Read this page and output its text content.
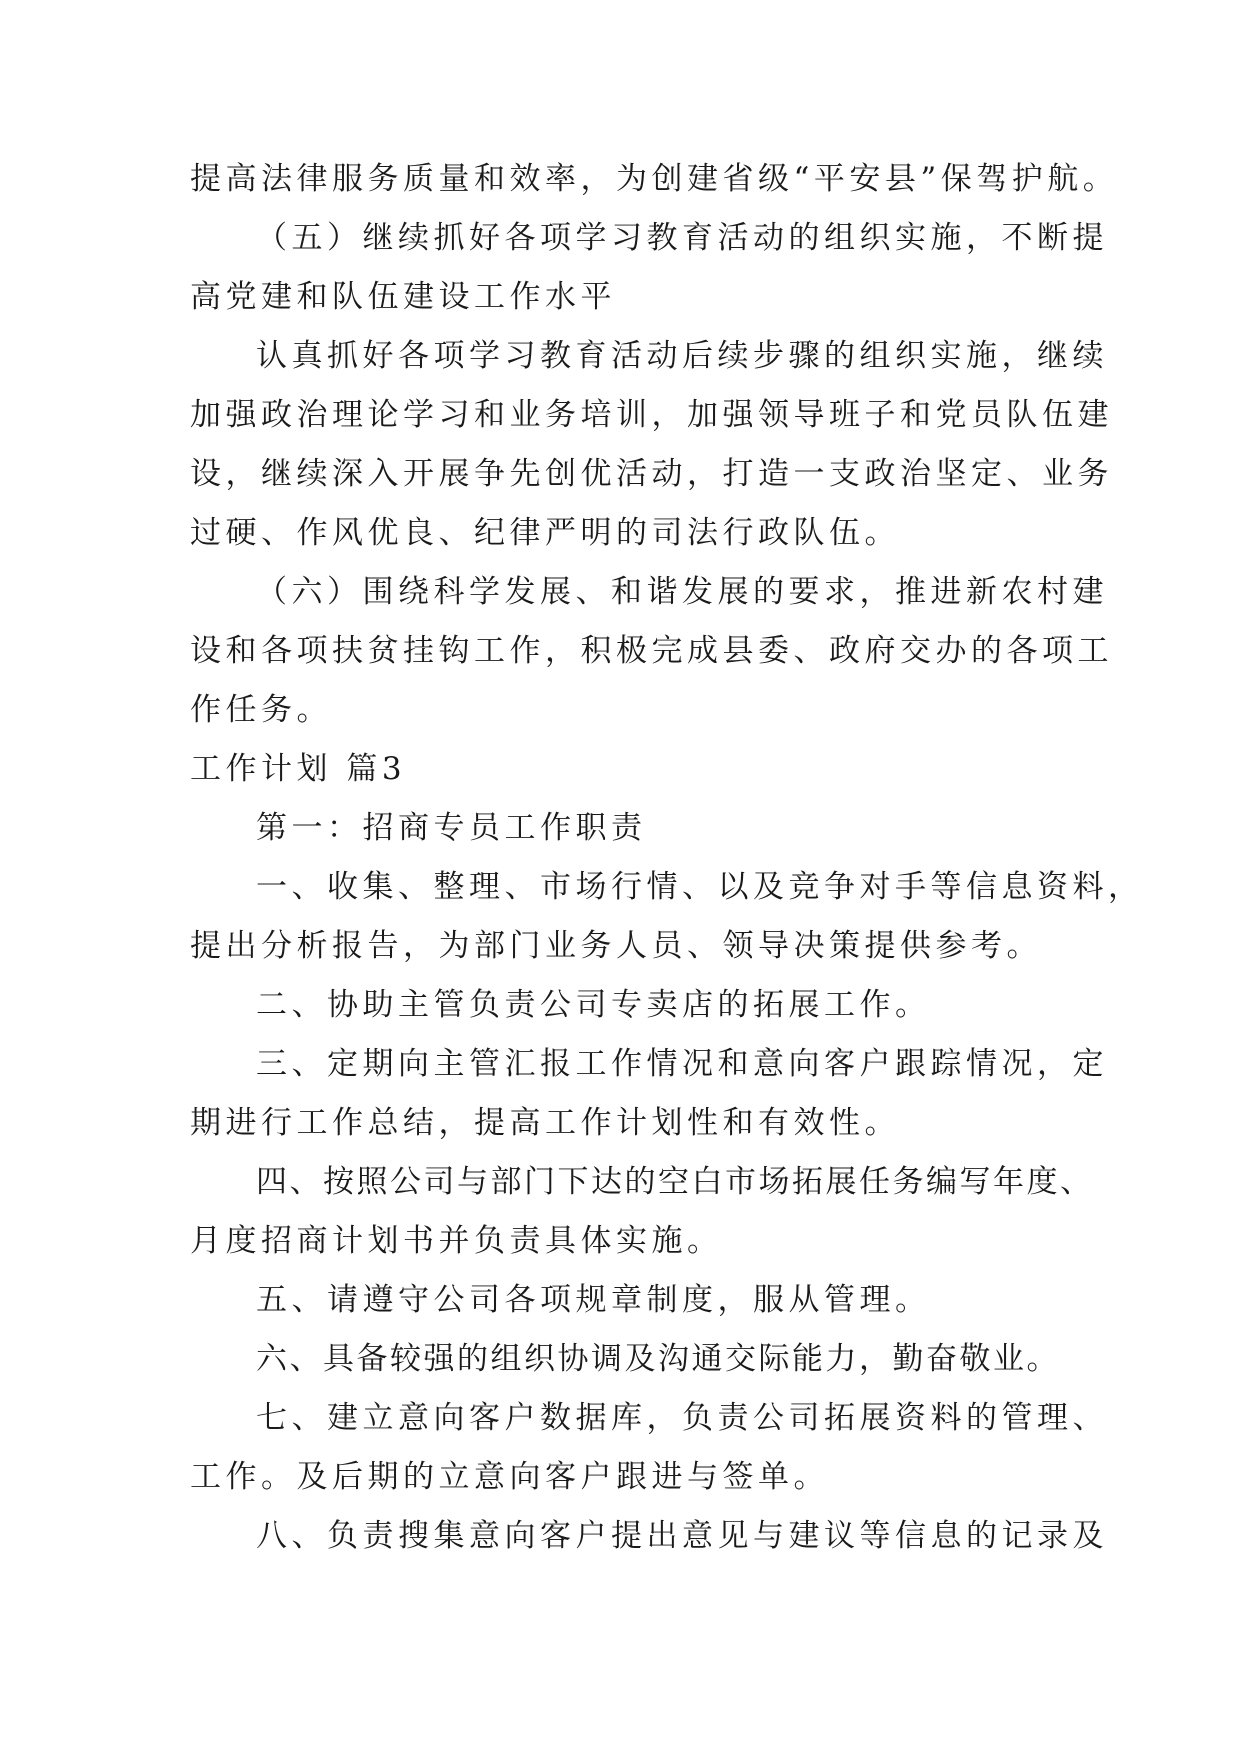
提高法律服务质量和效率，为创建省级“平安县”保驾护航。
（五）继续抓好各项学习教育活动的组织实施，不断提
高党建和队伍建设工作水平
认真抓好各项学习教育活动后续步骤的组织实施，继续
加强政治理论学习和业务培训，加强领导班子和党员队伍建
设，继续深入开展争先创优活动，打造一支政治坚定、业务
过硬、作风优良、纪律严明的司法行政队伍。
（六）围绕科学发展、和谐发展的要求，推进新农村建
设和各项扶贫挂钩工作，积极完成县委、政府交办的各项工
作任务。
工作计划 篇3
第一：招商专员工作职责
一、收集、整理、市场行情、以及竞争对手等信息资料，
提出分析报告，为部门业务人员、领导决策提供参考。
二、协助主管负责公司专卖店的拓展工作。
三、定期向主管汇报工作情况和意向客户跟踪情况，定
期进行工作总结，提高工作计划性和有效性。
四、按照公司与部门下达的空白市场拓展任务编写年度、
月度招商计划书并负责具体实施。
五、请遵守公司各项规章制度，服从管理。
六、具备较强的组织协调及沟通交际能力，勤奋敬业。
七、建立意向客户数据库，负责公司拓展资料的管理、
工作。及后期的立意向客户跟进与签单。
八、负责搜集意向客户提出意见与建议等信息的记录及
